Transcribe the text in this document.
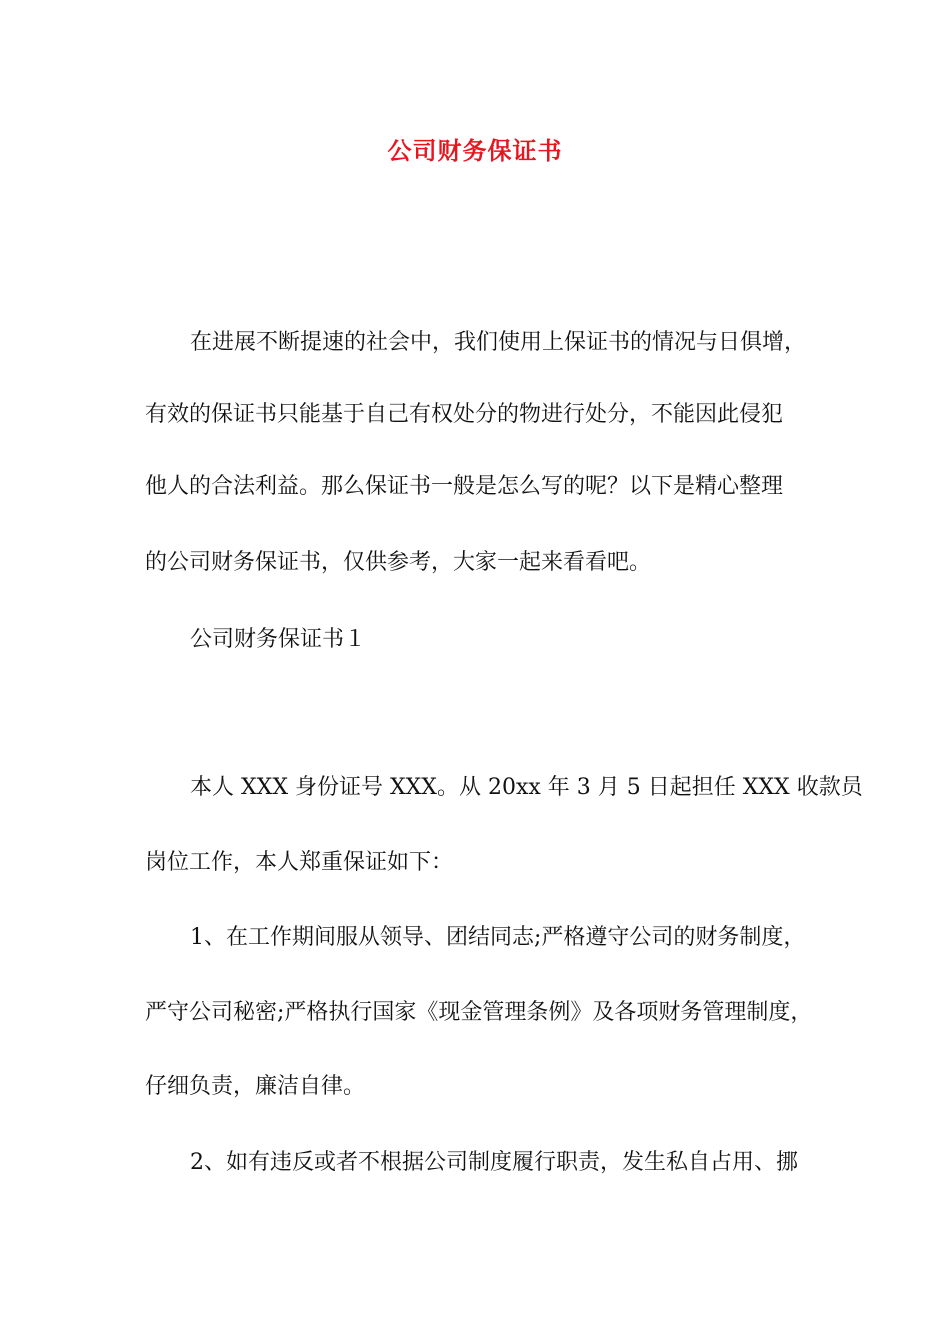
公司财务保证书
在进展不断提速的社会中，我们使用上保证书的情况与日俱增，
有效的保证书只能基于自己有权处分的物进行处分，不能因此侵犯
他人的合法利益。那么保证书一般是怎么写的呢？以下是精心整理
的公司财务保证书，仅供参考，大家一起来看看吧。
公司财务保证书１
本人 XXX 身份证号 XXX。从 20xx 年 3 月 5 日起担任 XXX 收款员
岗位工作，本人郑重保证如下：
1、在工作期间服从领导、团结同志;严格遵守公司的财务制度，
严守公司秘密;严格执行国家《现金管理条例》及各项财务管理制度，
仔细负责，廉洁自律。
2、如有违反或者不根据公司制度履行职责，发生私自占用、挪
